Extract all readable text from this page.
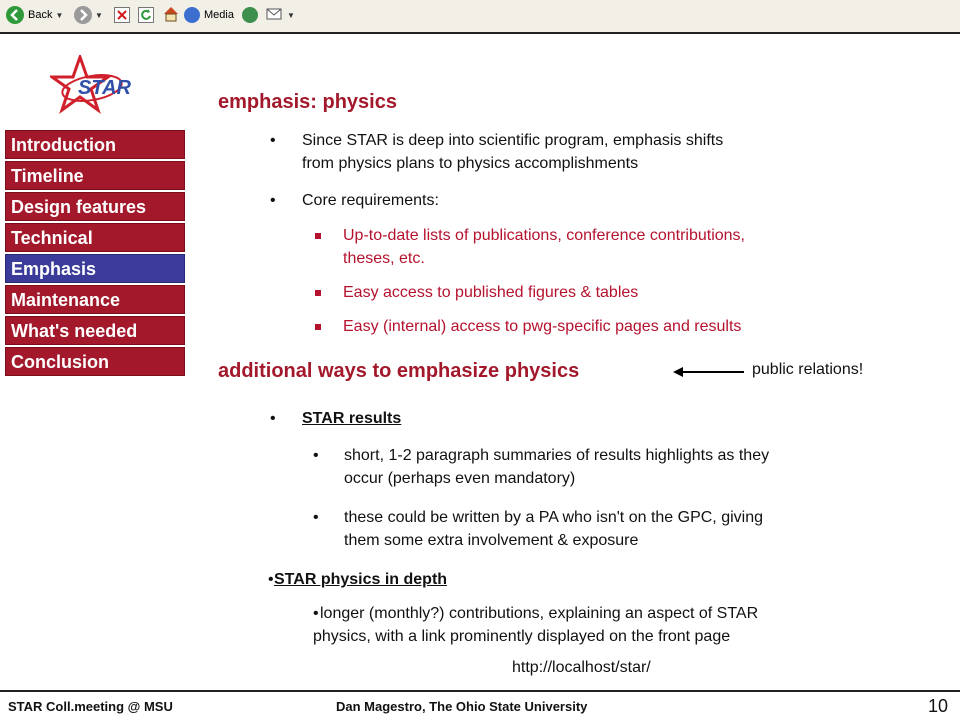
Back ▼	▼	Media	▼
STAR
Introduction
Timeline
Design features
Technical
Emphasis
Maintenance
What's needed
Conclusion
emphasis: physics
•	Since STAR is deep into scientific program, emphasis shifts
from physics plans to physics accomplishments
•	Core requirements:
Up-to-date lists of publications, conference contributions,
theses, etc.
Easy access to published figures & tables
Easy (internal) access to pwg-specific pages and results
additional ways to emphasize physics	public relations!
•	STAR results
•	short, 1-2 paragraph summaries of results highlights as they
occur (perhaps even mandatory)
•	these could be written by a PA who isn't on the GPC, giving
them some extra involvement & exposure
• STAR physics in depth
• longer (monthly?) contributions, explaining an aspect of STAR
physics, with a link prominently displayed on the front page
http://localhost/star/
STAR Coll.meeting @ MSU	Dan Magestro, The Ohio State University	10
